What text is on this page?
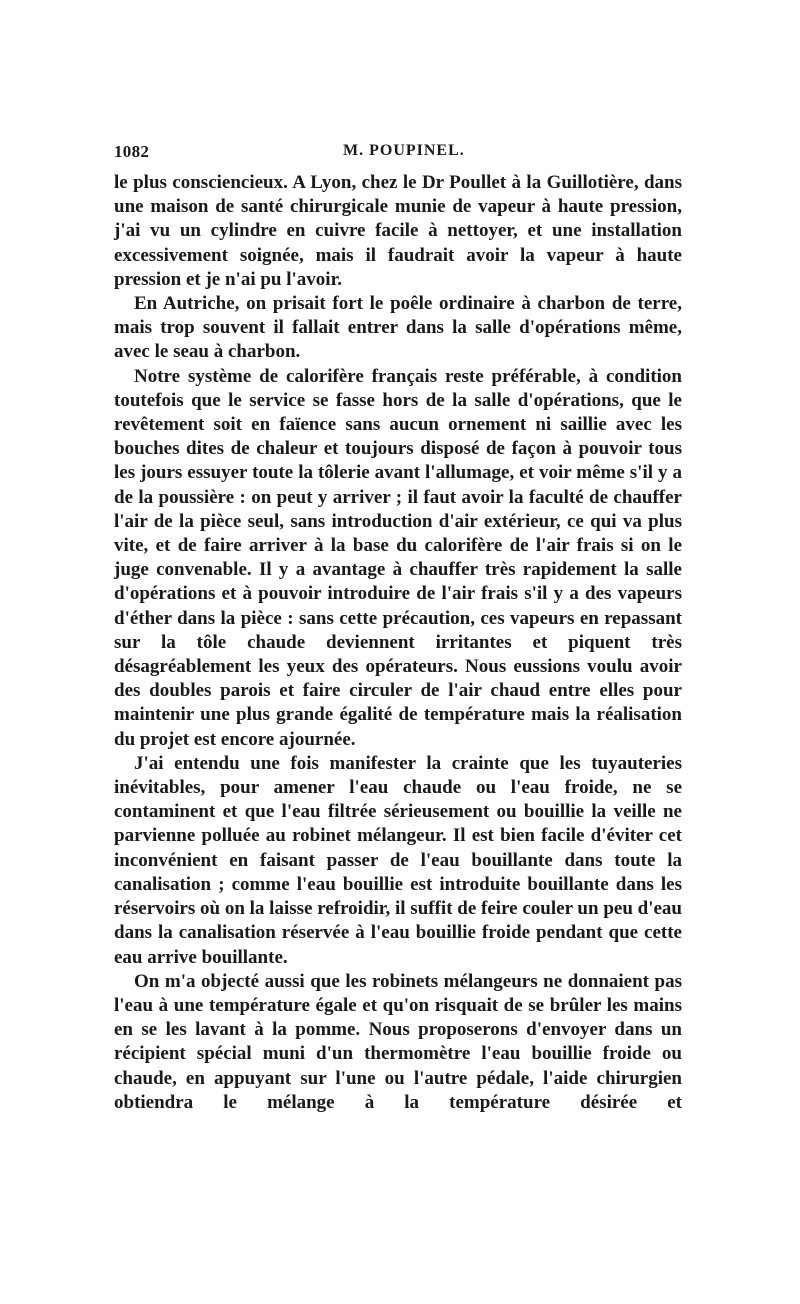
1082	M. POUPINEL.

le plus consciencieux. A Lyon, chez le Dr Poullet à la Guillotière, dans une maison de santé chirurgicale munie de vapeur à haute pression, j'ai vu un cylindre en cuivre facile à nettoyer, et une installation excessivement soignée, mais il faudrait avoir la vapeur à haute pression et je n'ai pu l'avoir.

En Autriche, on prisait fort le poêle ordinaire à charbon de terre, mais trop souvent il fallait entrer dans la salle d'opérations même, avec le seau à charbon.

Notre système de calorifère français reste préférable, à condition toutefois que le service se fasse hors de la salle d'opérations, que le revêtement soit en faïence sans aucun ornement ni saillie avec les bouches dites de chaleur et toujours disposé de façon à pouvoir tous les jours essuyer toute la tôlerie avant l'allumage, et voir même s'il y a de la poussière : on peut y arriver ; il faut avoir la faculté de chauffer l'air de la pièce seul, sans introduction d'air extérieur, ce qui va plus vite, et de faire arriver à la base du calorifère de l'air frais si on le juge convenable. Il y a avantage à chauffer très rapidement la salle d'opérations et à pouvoir introduire de l'air frais s'il y a des vapeurs d'éther dans la pièce : sans cette précaution, ces vapeurs en repassant sur la tôle chaude deviennent irritantes et piquent très désagréablement les yeux des opérateurs. Nous eussions voulu avoir des doubles parois et faire circuler de l'air chaud entre elles pour maintenir une plus grande égalité de température mais la réalisation du projet est encore ajournée.

J'ai entendu une fois manifester la crainte que les tuyauteries inévitables, pour amener l'eau chaude ou l'eau froide, ne se contaminent et que l'eau filtrée sérieusement ou bouillie la veille ne parvienne polluée au robinet mélangeur. Il est bien facile d'éviter cet inconvénient en faisant passer de l'eau bouillante dans toute la canalisation ; comme l'eau bouillie est introduite bouillante dans les réservoirs où on la laisse refroidir, il suffit de feire couler un peu d'eau dans la canalisation réservée à l'eau bouillie froide pendant que cette eau arrive bouillante.

On m'a objecté aussi que les robinets mélangeurs ne donnaient pas l'eau à une température égale et qu'on risquait de se brûler les mains en se les lavant à la pomme. Nous proposerons d'envoyer dans un récipient spécial muni d'un thermomètre l'eau bouillie froide ou chaude, en appuyant sur l'une ou l'autre pédale, l'aide chirurgien obtiendra le mélange à la température désirée et
